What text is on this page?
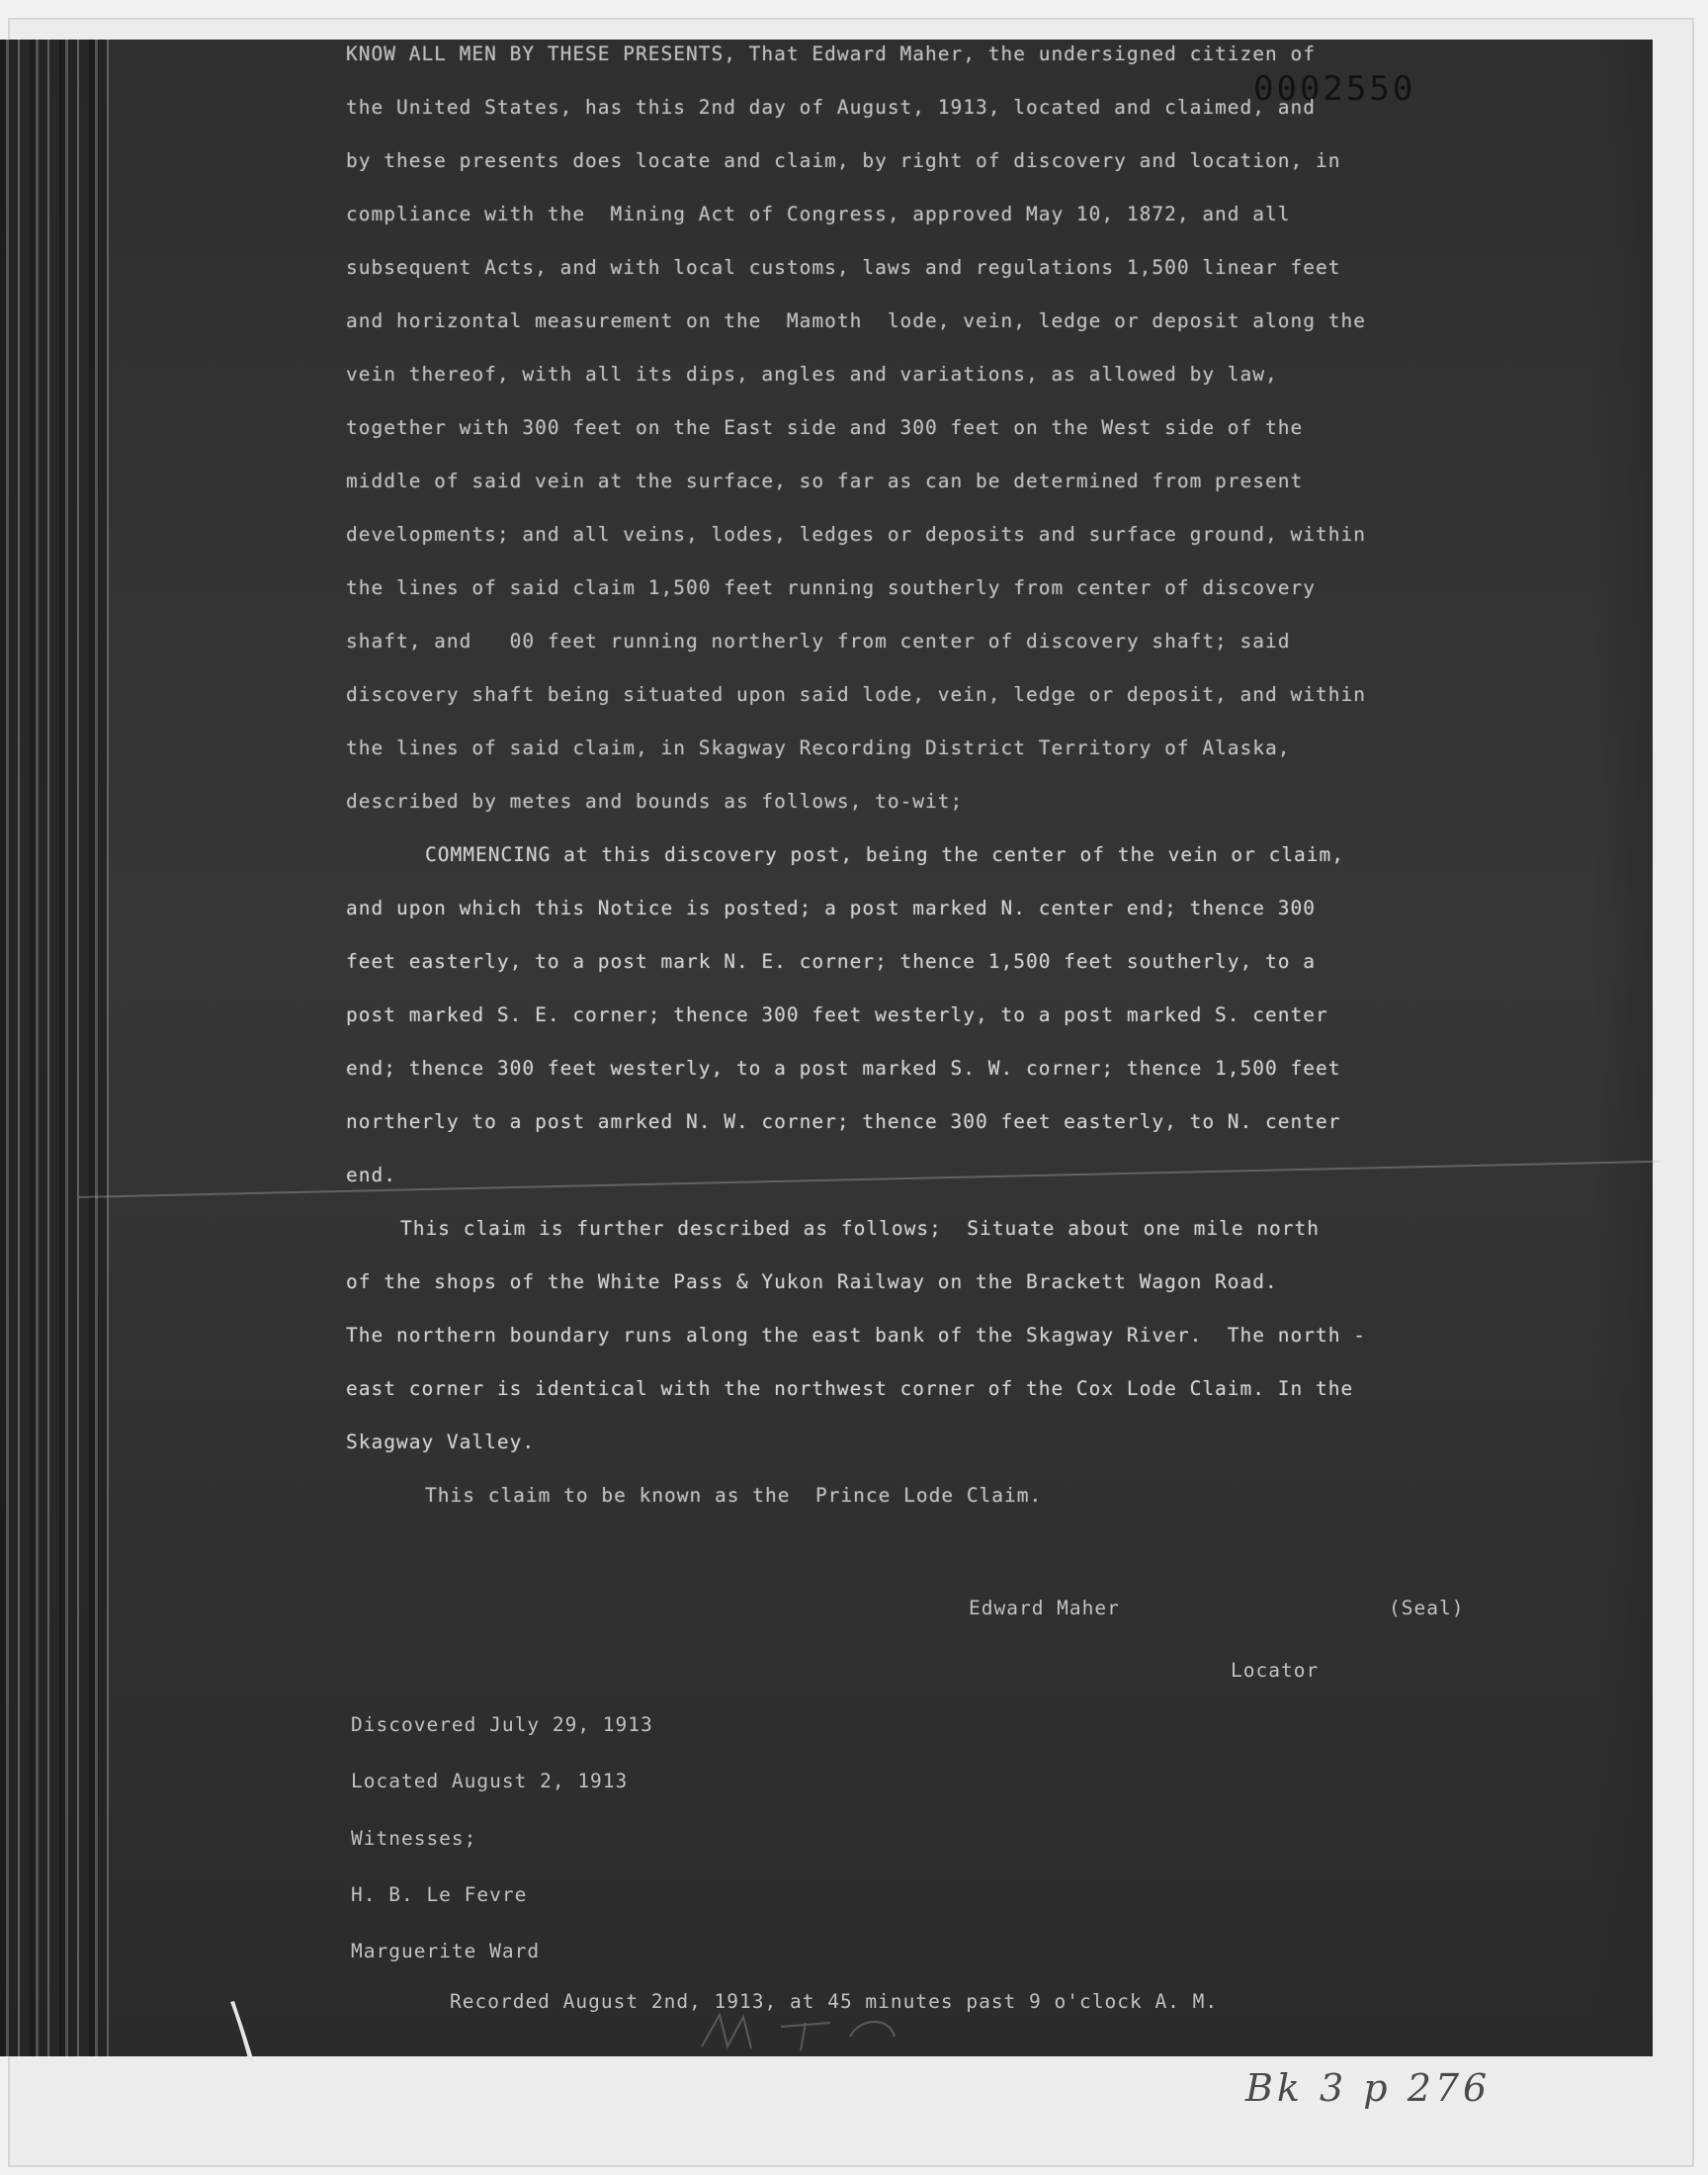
0002550
KNOW ALL MEN BY THESE PRESENTS, That Edward Maher, the undersigned citizen of
the United States, has this 2nd day of August, 1913, located and claimed, and
by these presents does locate and claim, by right of discovery and location, in
compliance with the  Mining Act of Congress, approved May 10, 1872, and all
subsequent Acts, and with local customs, laws and regulations 1,500 linear feet
and horizontal measurement on the  Mamoth  lode, vein, ledge or deposit along the
vein thereof, with all its dips, angles and variations, as allowed by law,
together with 300 feet on the East side and 300 feet on the West side of the
middle of said vein at the surface, so far as can be determined from present
developments; and all veins, lodes, ledges or deposits and surface ground, within
the lines of said claim 1,500 feet running southerly from center of discovery
shaft, and   00 feet running northerly from center of discovery shaft; said
discovery shaft being situated upon said lode, vein, ledge or deposit, and within
the lines of said claim, in Skagway Recording District Territory of Alaska,
described by metes and bounds as follows, to-wit;
COMMENCING at this discovery post, being the center of the vein or claim,
and upon which this Notice is posted; a post marked N. center end; thence 300
feet easterly, to a post mark N. E. corner; thence 1,500 feet southerly, to a
post marked S. E. corner; thence 300 feet westerly, to a post marked S. center
end; thence 300 feet westerly, to a post marked S. W. corner; thence 1,500 feet
northerly to a post amrked N. W. corner; thence 300 feet easterly, to N. center
end.
This claim is further described as follows;  Situate about one mile north
of the shops of the White Pass & Yukon Railway on the Brackett Wagon Road.
The northern boundary runs along the east bank of the Skagway River.  The north -
east corner is identical with the northwest corner of the Cox Lode Claim. In the
Skagway Valley.
This claim to be known as the  Prince Lode Claim.
Edward Maher	(Seal)
Locator
Discovered July 29, 1913
Located August 2, 1913
Witnesses;
H. B. Le Fevre
Marguerite Ward
Recorded August 2nd, 1913, at 45 minutes past 9 o'clock A. M.
Bk 3 p 276
